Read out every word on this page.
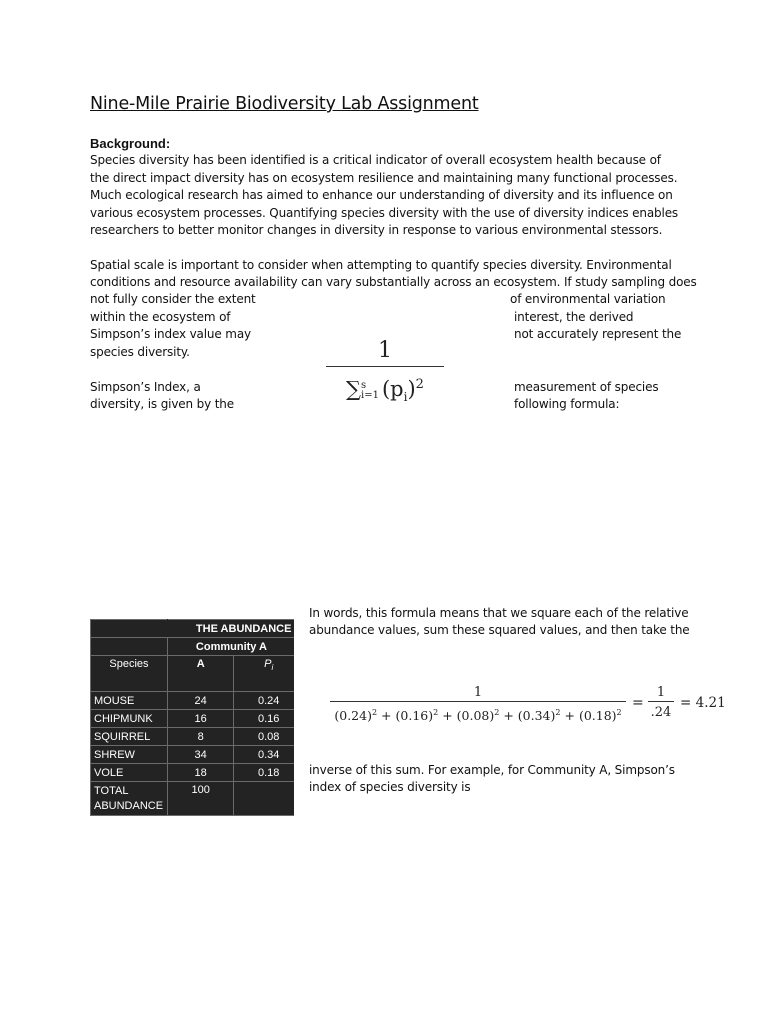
Nine-Mile Prairie Biodiversity Lab Assignment
Background:
Species diversity has been identified is a critical indicator of overall ecosystem health because of the direct impact diversity has on ecosystem resilience and maintaining many functional processes. Much ecological research has aimed to enhance our understanding of diversity and its influence on various ecosystem processes. Quantifying species diversity with the use of diversity indices enables researchers to better monitor changes in diversity in response to various environmental stessors.
Spatial scale is important to consider when attempting to quantify species diversity. Environmental
conditions and resource availability can vary substantially across an ecosystem. If study sampling does
not fully consider the extent
within the ecosystem of
Simpson’s index value may
species diversity.
of environmental variation
interest, the derived
not accurately represent the
Simpson’s Index, a
diversity, is given by the
measurement of species
following formula:
1
∑ s
i=1 $(p_i)^2$
In words, this formula means that we square each of the relative
abundance values, sum these squared values, and then take the
inverse of this sum. For example, for Community A, Simpson’s
index of species diversity is
1
$(0.24)^2 + (0.16)^2 + (0.08)^2 + (0.34)^2 + (0.18)^2$
=
1
.24
= 4.21
	THE ABUNDANCE	
	Community A	
Species	A	$P_i$
MOUSE	24	0.24
CHIPMUNK	16	0.16
SQUIRREL	8	0.08
SHREW	34	0.34
VOLE	18	0.18

TOTAL
ABUNDANCE	100	
